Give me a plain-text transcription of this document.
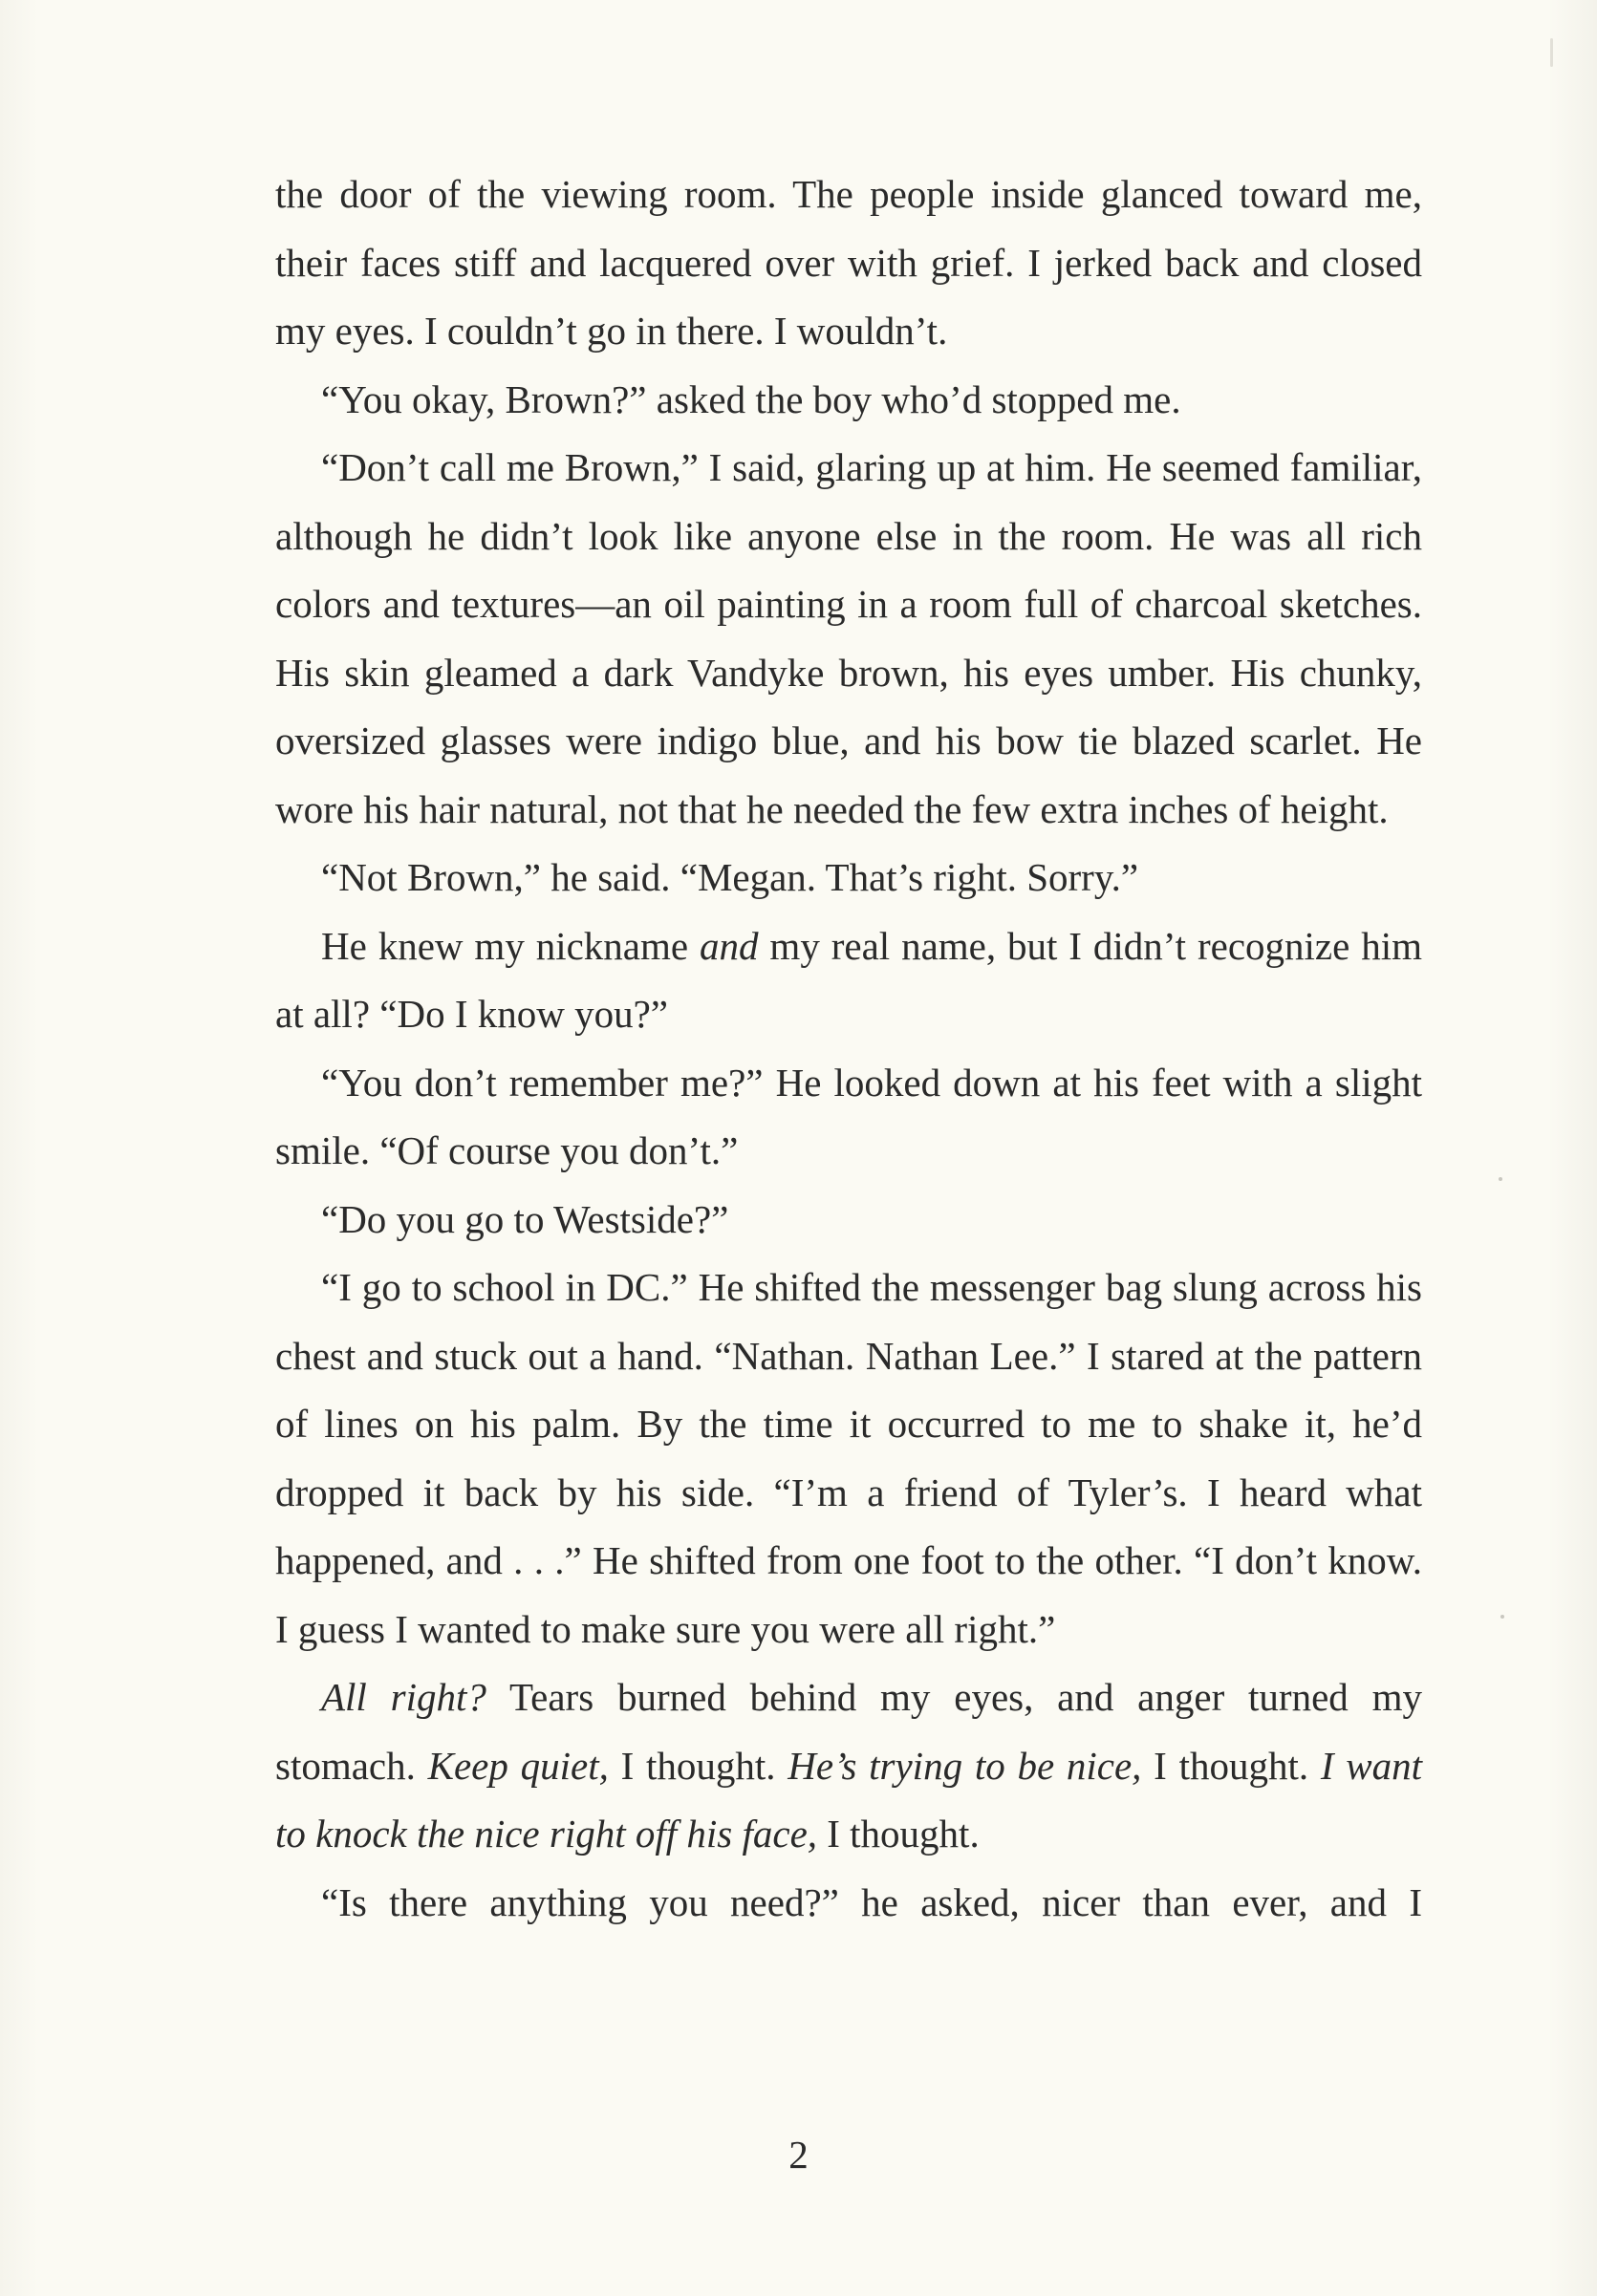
the door of the viewing room. The people inside glanced toward me, their faces stiff and lacquered over with grief. I jerked back and closed my eyes. I couldn’t go in there. I wouldn’t.

“You okay, Brown?” asked the boy who’d stopped me.

“Don’t call me Brown,” I said, glaring up at him. He seemed familiar, although he didn’t look like anyone else in the room. He was all rich colors and textures—an oil painting in a room full of charcoal sketches. His skin gleamed a dark Vandyke brown, his eyes umber. His chunky, oversized glasses were indigo blue, and his bow tie blazed scarlet. He wore his hair natural, not that he needed the few extra inches of height.

“Not Brown,” he said. “Megan. That’s right. Sorry.”

He knew my nickname and my real name, but I didn’t recognize him at all? “Do I know you?”

“You don’t remember me?” He looked down at his feet with a slight smile. “Of course you don’t.”

“Do you go to Westside?”

“I go to school in DC.” He shifted the messenger bag slung across his chest and stuck out a hand. “Nathan. Nathan Lee.” I stared at the pattern of lines on his palm. By the time it occurred to me to shake it, he’d dropped it back by his side. “I’m a friend of Tyler’s. I heard what happened, and . . .” He shifted from one foot to the other. “I don’t know. I guess I wanted to make sure you were all right.”

All right? Tears burned behind my eyes, and anger turned my stomach. Keep quiet, I thought. He’s trying to be nice, I thought. I want to knock the nice right off his face, I thought.

“Is there anything you need?” he asked, nicer than ever, and I

2
